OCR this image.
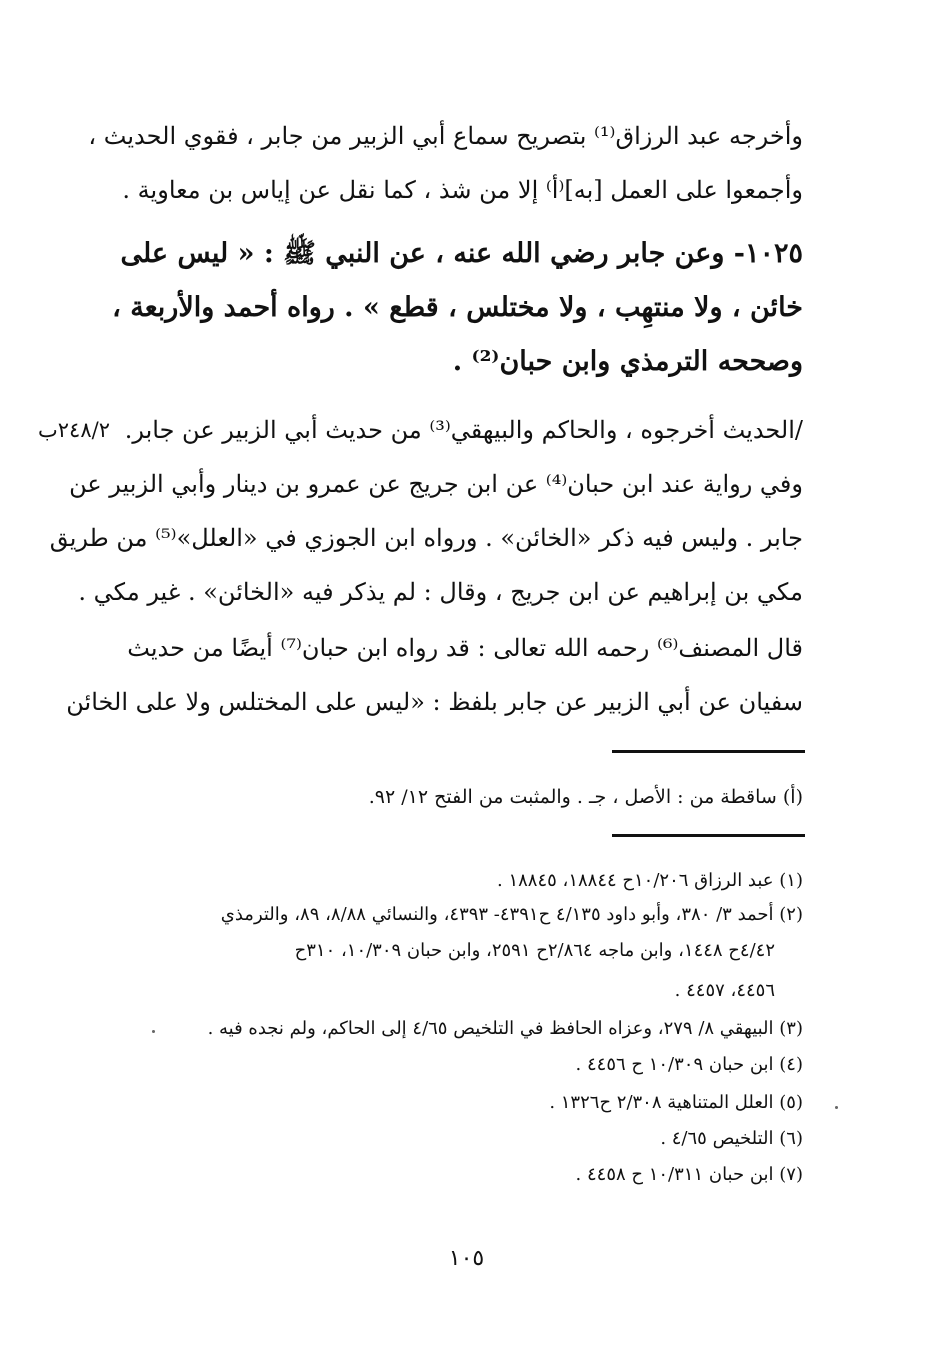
وأخرجه عبد الرزاق⁽¹⁾ بتصريح سماع أبي الزبير من جابر ، فقوي الحديث ،
وأجمعوا على العمل [به]⁽أ⁾ إلا من شذ ، كما نقل عن إياس بن معاوية .
١٠٢٥- وعن جابر رضي الله عنه ، عن النبي ﷺ : « ليس على
خائن ، ولا منتهِب ، ولا مختلس ، قطع » . رواه أحمد والأربعة ،
وصححه الترمذي وابن حبان⁽²⁾ .
٢٤٨/٢ب /الحديث أخرجوه ، والحاكم والبيهقي⁽³⁾ من حديث أبي الزبير عن جابر.
وفي رواية عند ابن حبان⁽⁴⁾ عن ابن جريج عن عمرو بن دينار وأبي الزبير عن
جابر . وليس فيه ذكر «الخائن» . ورواه ابن الجوزي في «العلل»⁽⁵⁾ من طريق
مكي بن إبراهيم عن ابن جريج ، وقال : لم يذكر فيه «الخائن» . غير مكي .
قال المصنف⁽⁶⁾ رحمه الله تعالى : قد رواه ابن حبان⁽⁷⁾ أيضًا من حديث
سفيان عن أبي الزبير عن جابر بلفظ : «ليس على المختلس ولا على الخائن
(أ) ساقطة من : الأصل ، جـ . والمثبت من الفتح ١٢/ ٩٢.
(١) عبد الرزاق ١٠/٢٠٦ح ١٨٨٤٤، ١٨٨٤٥ .
(٢) أحمد ٣/ ٣٨٠، وأبو داود ٤/١٣٥ ح٤٣٩١- ٤٣٩٣، والنسائي ٨/٨٨، ٨٩، والترمذي
٤/٤٢ح ١٤٤٨، وابن ماجه ٢/٨٦٤ح ٢٥٩١، وابن حبان ١٠/٣٠٩، ٣١٠ح
٤٤٥٦، ٤٤٥٧ .
(٣) البيهقي ٨/ ٢٧٩، وعزاه الحافظ في التلخيص ٤/٦٥ إلى الحاكم، ولم نجده فيه .
(٤) ابن حبان ١٠/٣٠٩ ح ٤٤٥٦ .
(٥) العلل المتناهية ٢/٣٠٨ ح١٣٢٦ .
(٦) التلخيص ٤/٦٥ .
(٧) ابن حبان ١٠/٣١١ ح ٤٤٥٨ .
١٠٥
